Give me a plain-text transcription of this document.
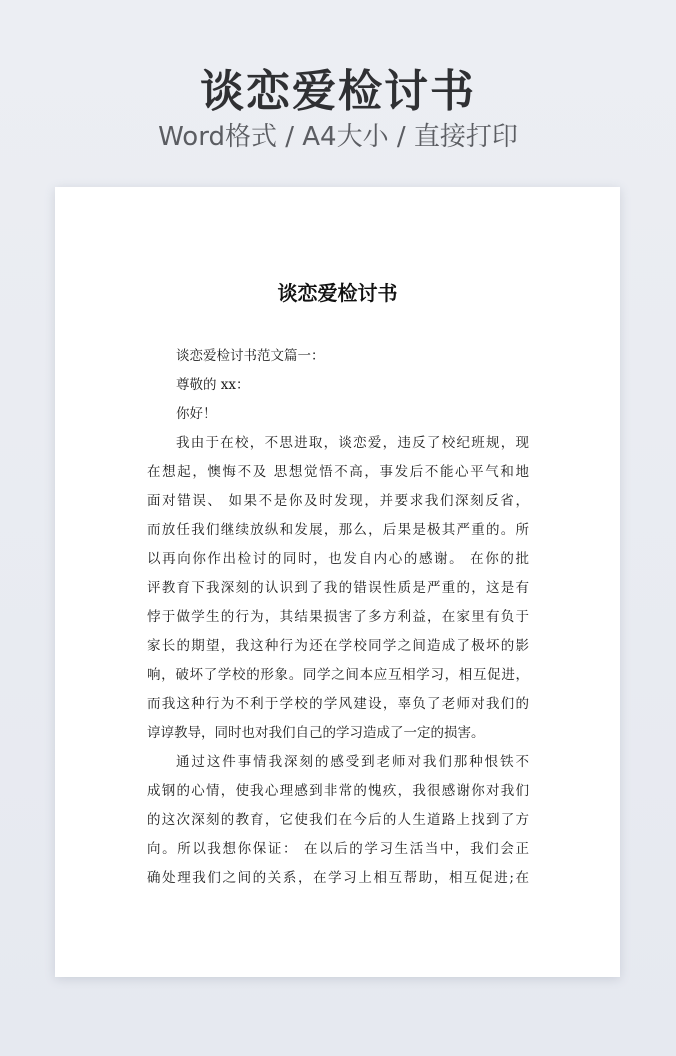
谈恋爱检讨书
Word格式 / A4大小 / 直接打印
谈恋爱检讨书
谈恋爱检讨书范文篇一：
尊敬的 xx：
你好！
我由于在校，不思进取，谈恋爱，违反了校纪班规，现
在想起，懊悔不及 思想觉悟不高，事发后不能心平气和地
面对错误、 如果不是你及时发现，并要求我们深刻反省，
而放任我们继续放纵和发展，那么，后果是极其严重的。所
以再向你作出检讨的同时，也发自内心的感谢。 在你的批
评教育下我深刻的认识到了我的错误性质是严重的，这是有
悖于做学生的行为，其结果损害了多方利益，在家里有负于
家长的期望，我这种行为还在学校同学之间造成了极坏的影
响，破坏了学校的形象。同学之间本应互相学习，相互促进，
而我这种行为不利于学校的学风建设，辜负了老师对我们的
谆谆教导，同时也对我们自己的学习造成了一定的损害。
通过这件事情我深刻的感受到老师对我们那种恨铁不
成钢的心情，使我心理感到非常的愧疚，我很感谢你对我们
的这次深刻的教育，它使我们在今后的人生道路上找到了方
向。所以我想你保证： 在以后的学习生活当中，我们会正
确处理我们之间的关系，在学习上相互帮助，相互促进;在
